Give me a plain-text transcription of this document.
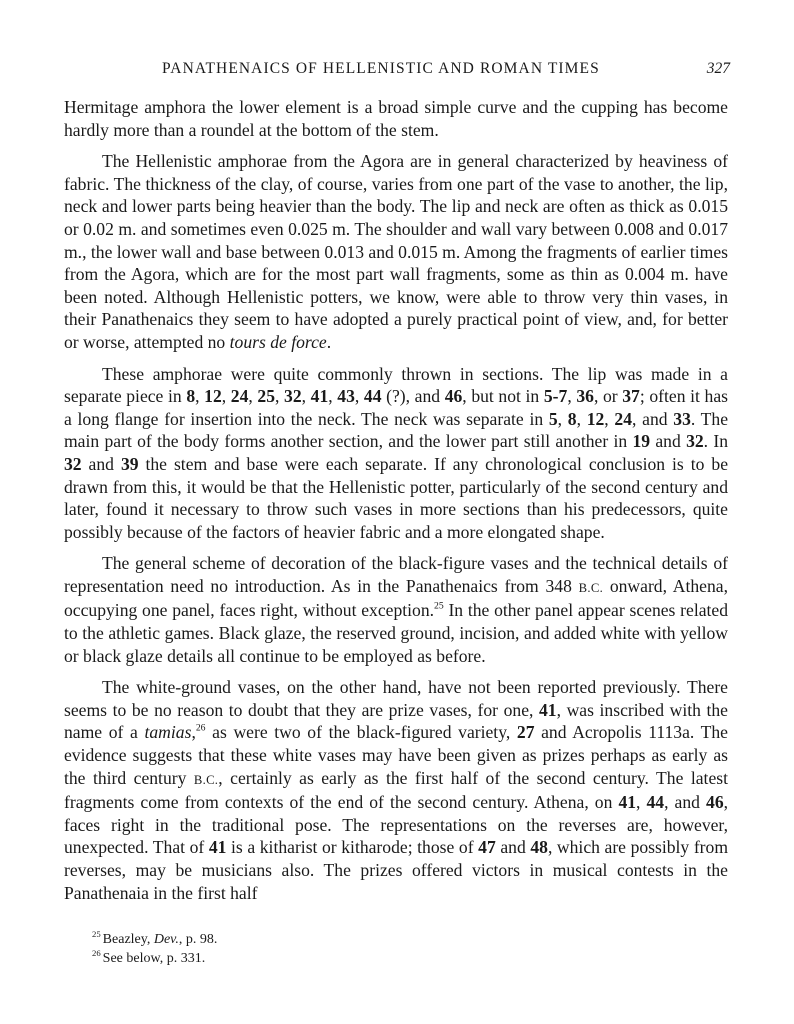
PANATHENAICS OF HELLENISTIC AND ROMAN TIMES	327

Hermitage amphora the lower element is a broad simple curve and the cupping has become hardly more than a roundel at the bottom of the stem.

The Hellenistic amphorae from the Agora are in general characterized by heaviness of fabric. The thickness of the clay, of course, varies from one part of the vase to another, the lip, neck and lower parts being heavier than the body. The lip and neck are often as thick as 0.015 or 0.02 m. and sometimes even 0.025 m. The shoulder and wall vary between 0.008 and 0.017 m., the lower wall and base between 0.013 and 0.015 m. Among the fragments of earlier times from the Agora, which are for the most part wall fragments, some as thin as 0.004 m. have been noted. Although Hellenistic potters, we know, were able to throw very thin vases, in their Panathenaics they seem to have adopted a purely practical point of view, and, for better or worse, attempted no tours de force.

These amphorae were quite commonly thrown in sections. The lip was made in a separate piece in 8, 12, 24, 25, 32, 41, 43, 44 (?), and 46, but not in 5-7, 36, or 37; often it has a long flange for insertion into the neck. The neck was separate in 5, 8, 12, 24, and 33. The main part of the body forms another section, and the lower part still another in 19 and 32. In 32 and 39 the stem and base were each separate. If any chronological conclusion is to be drawn from this, it would be that the Hellenistic potter, particularly of the second century and later, found it necessary to throw such vases in more sections than his predecessors, quite possibly because of the factors of heavier fabric and a more elongated shape.

The general scheme of decoration of the black-figure vases and the technical details of representation need no introduction. As in the Panathenaics from 348 B.C. onward, Athena, occupying one panel, faces right, without exception.$^{25}$ In the other panel appear scenes related to the athletic games. Black glaze, the reserved ground, incision, and added white with yellow or black glaze details all continue to be employed as before.

The white-ground vases, on the other hand, have not been reported previously. There seems to be no reason to doubt that they are prize vases, for one, 41, was inscribed with the name of a tamias,$^{26}$ as were two of the black-figured variety, 27 and Acropolis 1113a. The evidence suggests that these white vases may have been given as prizes perhaps as early as the third century B.C., certainly as early as the first half of the second century. The latest fragments come from contexts of the end of the second century. Athena, on 41, 44, and 46, faces right in the traditional pose. The representations on the reverses are, however, unexpected. That of 41 is a kitharist or kitharode; those of 47 and 48, which are possibly from reverses, may be musicians also. The prizes offered victors in musical contests in the Panathenaia in the first half

$^{25}$ Beazley, Dev., p. 98.
$^{26}$ See below, p. 331.
